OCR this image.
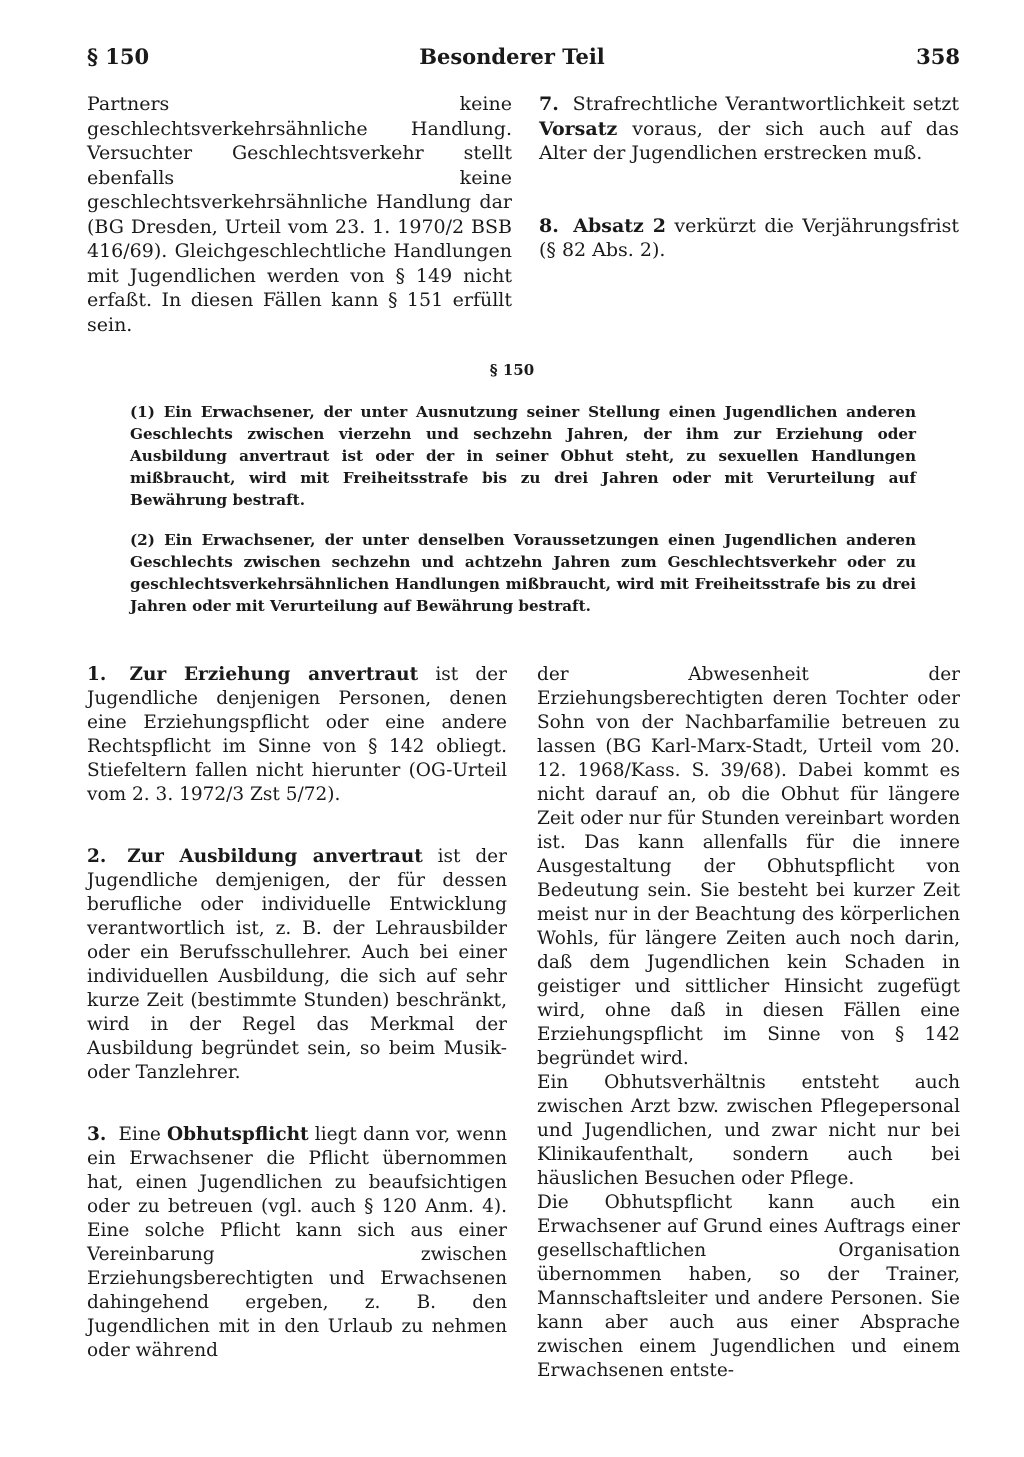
§ 150	Besonderer Teil	358

Partners keine geschlechtsverkehrsähnliche Handlung. Versuchter Geschlechtsverkehr stellt ebenfalls keine geschlechtsverkehrsähnliche Handlung dar (BG Dresden, Urteil vom 23. 1. 1970/2 BSB 416/69). Gleichgeschlechtliche Handlungen mit Jugendlichen werden von § 149 nicht erfaßt. In diesen Fällen kann § 151 erfüllt sein.

7. Strafrechtliche Verantwortlichkeit setzt Vorsatz voraus, der sich auch auf das Alter der Jugendlichen erstrecken muß.

8. Absatz 2 verkürzt die Verjährungsfrist (§ 82 Abs. 2).

§ 150

(1) Ein Erwachsener, der unter Ausnutzung seiner Stellung einen Jugendlichen anderen Geschlechts zwischen vierzehn und sechzehn Jahren, der ihm zur Erziehung oder Ausbildung anvertraut ist oder der in seiner Obhut steht, zu sexuellen Handlungen mißbraucht, wird mit Freiheitsstrafe bis zu drei Jahren oder mit Verurteilung auf Bewährung bestraft.

(2) Ein Erwachsener, der unter denselben Voraussetzungen einen Jugendlichen anderen Geschlechts zwischen sechzehn und achtzehn Jahren zum Geschlechtsverkehr oder zu geschlechtsverkehrsähnlichen Handlungen mißbraucht, wird mit Freiheitsstrafe bis zu drei Jahren oder mit Verurteilung auf Bewährung bestraft.

1. Zur Erziehung anvertraut ist der Jugendliche denjenigen Personen, denen eine Erziehungspflicht oder eine andere Rechtspflicht im Sinne von § 142 obliegt. Stiefeltern fallen nicht hierunter (OG-Urteil vom 2. 3. 1972/3 Zst 5/72).

2. Zur Ausbildung anvertraut ist der Jugendliche demjenigen, der für dessen berufliche oder individuelle Entwicklung verantwortlich ist, z. B. der Lehrausbilder oder ein Berufsschullehrer. Auch bei einer individuellen Ausbildung, die sich auf sehr kurze Zeit (bestimmte Stunden) beschränkt, wird in der Regel das Merkmal der Ausbildung begründet sein, so beim Musik- oder Tanzlehrer.

3. Eine Obhutspflicht liegt dann vor, wenn ein Erwachsener die Pflicht übernommen hat, einen Jugendlichen zu beaufsichtigen oder zu betreuen (vgl. auch § 120 Anm. 4). Eine solche Pflicht kann sich aus einer Vereinbarung zwischen Erziehungsberechtigten und Erwachsenen dahingehend ergeben, z. B. den Jugendlichen mit in den Urlaub zu nehmen oder während

der Abwesenheit der Erziehungsberechtigten deren Tochter oder Sohn von der Nachbarfamilie betreuen zu lassen (BG Karl-Marx-Stadt, Urteil vom 20. 12. 1968/Kass. S. 39/68). Dabei kommt es nicht darauf an, ob die Obhut für längere Zeit oder nur für Stunden vereinbart worden ist. Das kann allenfalls für die innere Ausgestaltung der Obhutspflicht von Bedeutung sein. Sie besteht bei kurzer Zeit meist nur in der Beachtung des körperlichen Wohls, für längere Zeiten auch noch darin, daß dem Jugendlichen kein Schaden in geistiger und sittlicher Hinsicht zugefügt wird, ohne daß in diesen Fällen eine Erziehungspflicht im Sinne von § 142 begründet wird.

Ein Obhutsverhältnis entsteht auch zwischen Arzt bzw. zwischen Pflegepersonal und Jugendlichen, und zwar nicht nur bei Klinikaufenthalt, sondern auch bei häuslichen Besuchen oder Pflege.

Die Obhutspflicht kann auch ein Erwachsener auf Grund eines Auftrags einer gesellschaftlichen Organisation übernommen haben, so der Trainer, Mannschaftsleiter und andere Personen. Sie kann aber auch aus einer Absprache zwischen einem Jugendlichen und einem Erwachsenen entste-
